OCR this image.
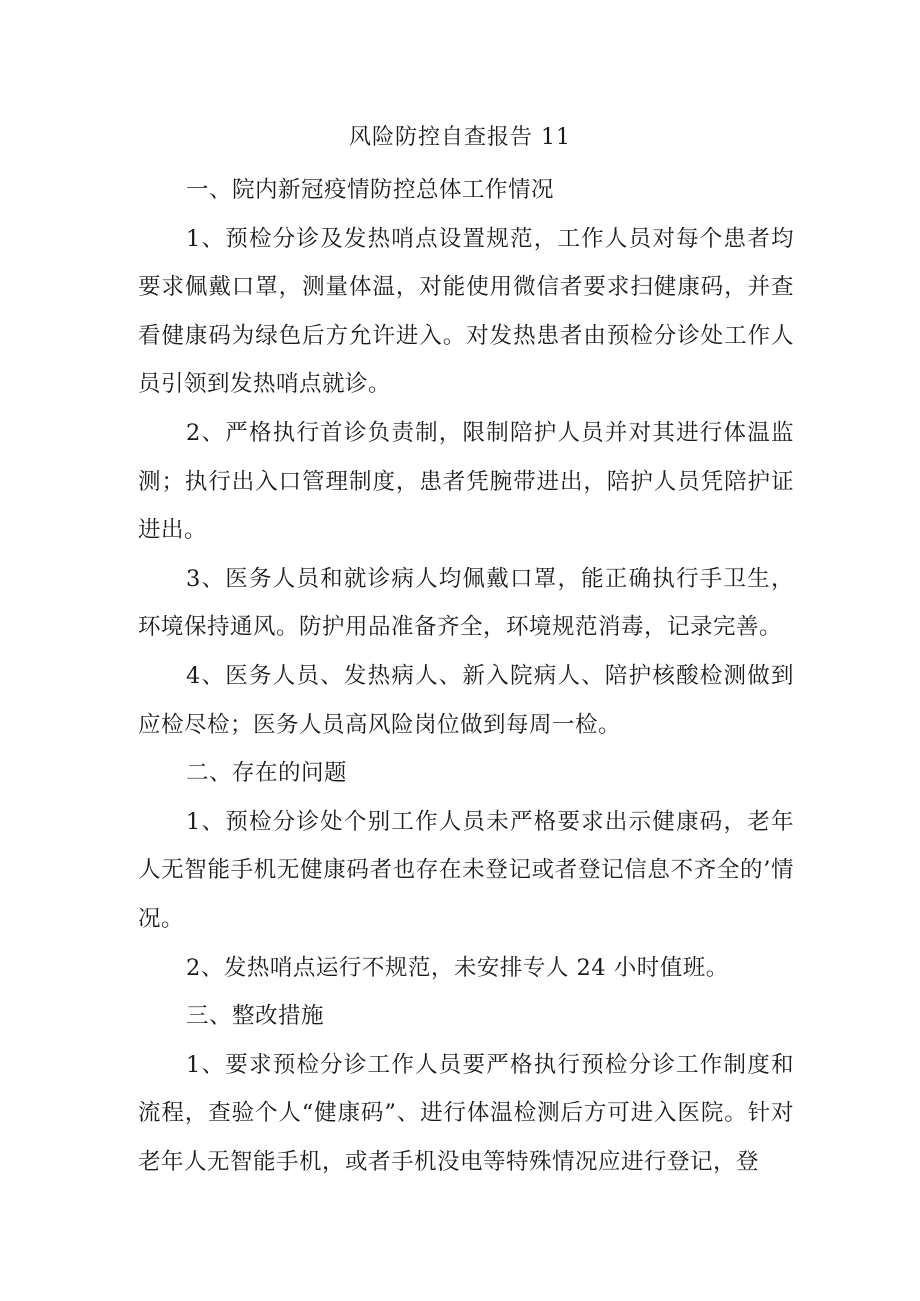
风险防控自查报告 11

一、院内新冠疫情防控总体工作情况

1、预检分诊及发热哨点设置规范，工作人员对每个患者均要求佩戴口罩，测量体温，对能使用微信者要求扫健康码，并查看健康码为绿色后方允许进入。对发热患者由预检分诊处工作人员引领到发热哨点就诊。

2、严格执行首诊负责制，限制陪护人员并对其进行体温监测；执行出入口管理制度，患者凭腕带进出，陪护人员凭陪护证进出。

3、医务人员和就诊病人均佩戴口罩，能正确执行手卫生，环境保持通风。防护用品准备齐全，环境规范消毒，记录完善。

4、医务人员、发热病人、新入院病人、陪护核酸检测做到应检尽检；医务人员高风险岗位做到每周一检。

二、存在的问题

1、预检分诊处个别工作人员未严格要求出示健康码，老年人无智能手机无健康码者也存在未登记或者登记信息不齐全的’情况。

2、发热哨点运行不规范，未安排专人 24 小时值班。

三、整改措施

1、要求预检分诊工作人员要严格执行预检分诊工作制度和流程，查验个人“健康码”、进行体温检测后方可进入医院。针对老年人无智能手机，或者手机没电等特殊情况应进行登记，登
